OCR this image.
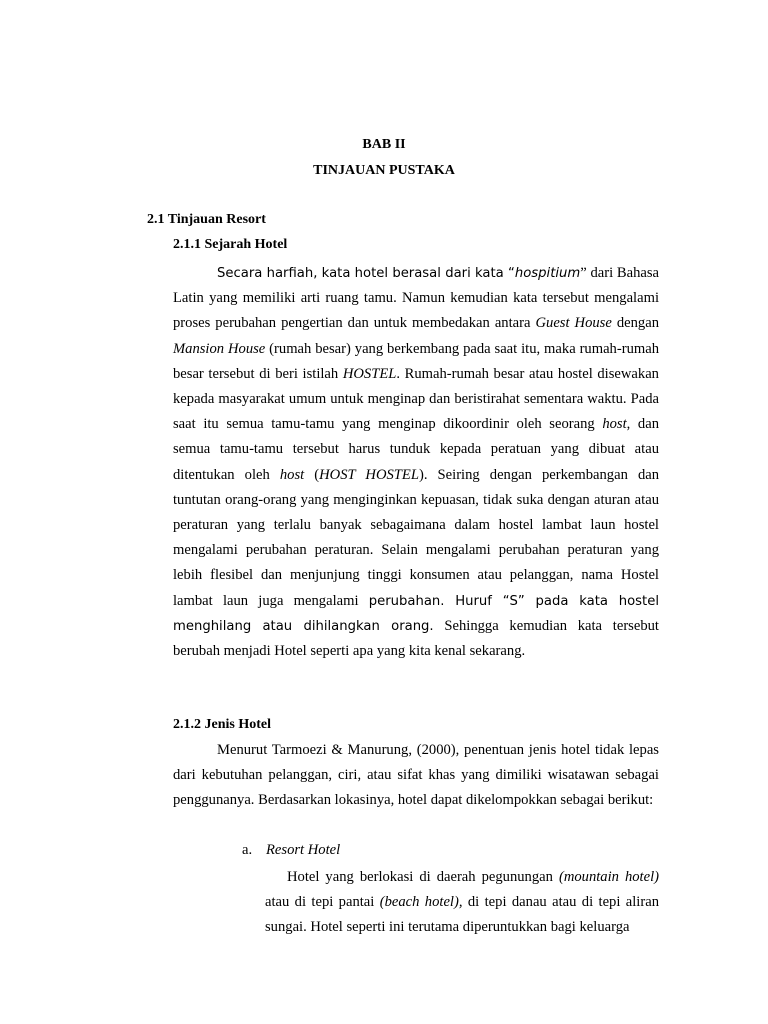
BAB II
TINJAUAN PUSTAKA
2.1 Tinjauan Resort
2.1.1 Sejarah Hotel

Secara harfiah, kata hotel berasal dari kata “hospitium” dari Bahasa Latin yang memiliki arti ruang tamu. Namun kemudian kata tersebut mengalami proses perubahan pengertian dan untuk membedakan antara Guest House dengan Mansion House (rumah besar) yang berkembang pada saat itu, maka rumah-rumah besar tersebut di beri istilah HOSTEL. Rumah-rumah besar atau hostel disewakan kepada masyarakat umum untuk menginap dan beristirahat sementara waktu. Pada saat itu semua tamu-tamu yang menginap dikoordinir oleh seorang host, dan semua tamu-tamu tersebut harus tunduk kepada peratuan yang dibuat atau ditentukan oleh host (HOST HOSTEL). Seiring dengan perkembangan dan tuntutan orang-orang yang menginginkan kepuasan, tidak suka dengan aturan atau peraturan yang terlalu banyak sebagaimana dalam hostel lambat laun hostel mengalami perubahan peraturan. Selain mengalami perubahan peraturan yang lebih flesibel dan menjunjung tinggi konsumen atau pelanggan, nama Hostel lambat laun juga mengalami perubahan. Huruf “S” pada kata hostel menghilang atau dihilangkan orang. Sehingga kemudian kata tersebut berubah menjadi Hotel seperti apa yang kita kenal sekarang.

2.1.2 Jenis Hotel

Menurut Tarmoezi & Manurung, (2000), penentuan jenis hotel tidak lepas dari kebutuhan pelanggan, ciri, atau sifat khas yang dimiliki wisatawan sebagai penggunanya. Berdasarkan lokasinya, hotel dapat dikelompokkan sebagai berikut:

a. Resort Hotel
Hotel yang berlokasi di daerah pegunungan (mountain hotel) atau di tepi pantai (beach hotel), di tepi danau atau di tepi aliran sungai. Hotel seperti ini terutama diperuntukkan bagi keluarga
